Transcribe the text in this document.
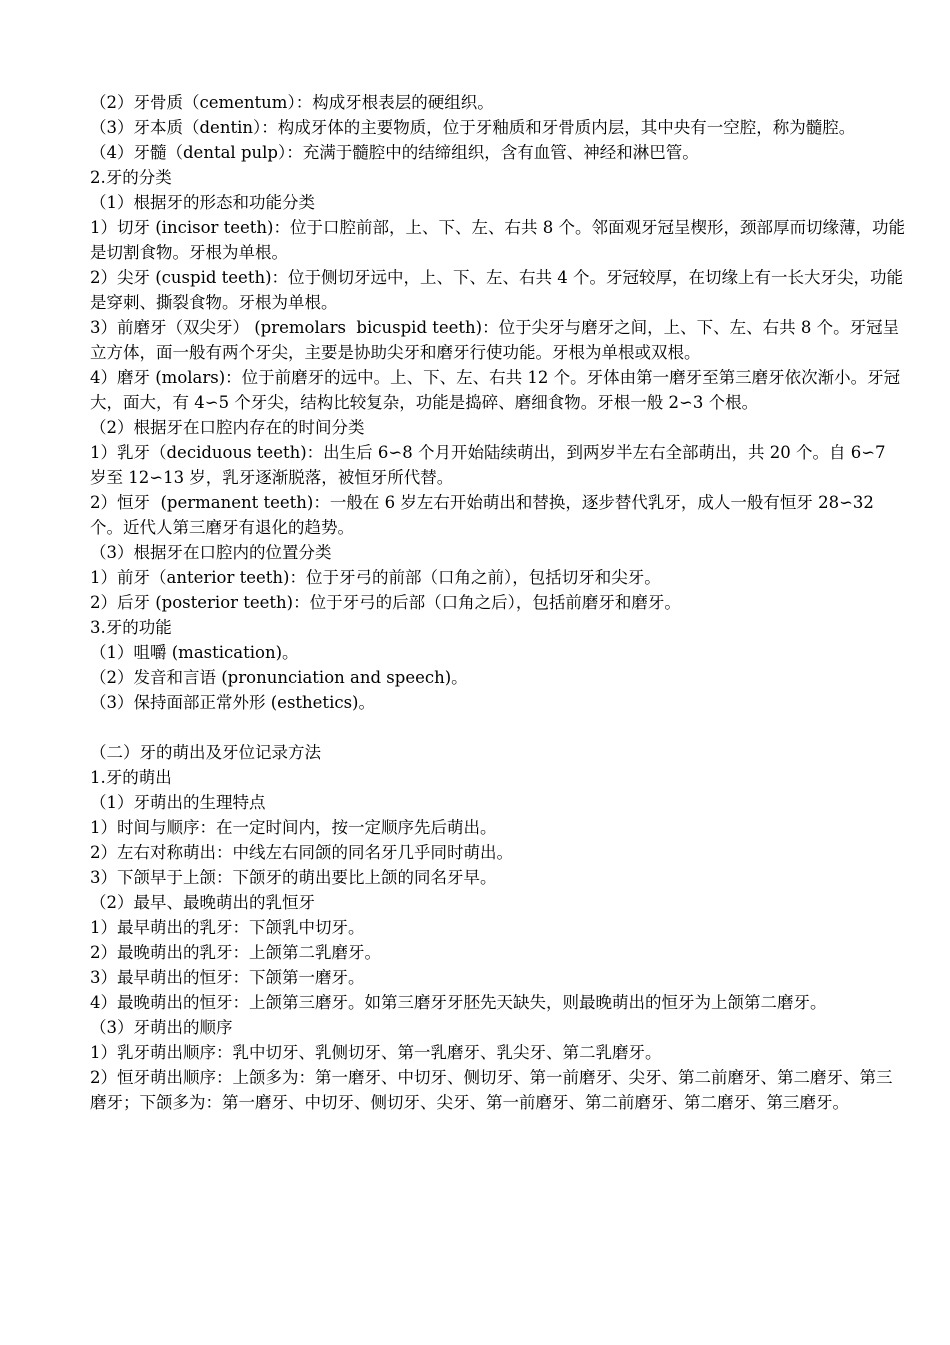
（2）牙骨质（cementum）：构成牙根表层的硬组织。

（3）牙本质（dentin）：构成牙体的主要物质，位于牙釉质和牙骨质内层，其中央有一空腔，称为髓腔。

（4）牙髓（dental pulp）：充满于髓腔中的结缔组织，含有血管、神经和淋巴管。

2.牙的分类

（1）根据牙的形态和功能分类

1）切牙 (incisor teeth)：位于口腔前部，上、下、左、右共 8 个。邻面观牙冠呈楔形，颈部厚而切缘薄，功能是切割食物。牙根为单根。

2）尖牙 (cuspid teeth)：位于侧切牙远中，上、下、左、右共 4 个。牙冠较厚，在切缘上有一长大牙尖，功能是穿刺、撕裂食物。牙根为单根。

3）前磨牙（双尖牙） (premolars  bicuspid teeth)：位于尖牙与磨牙之间，上、下、左、右共 8 个。牙冠呈立方体，面一般有两个牙尖，主要是协助尖牙和磨牙行使功能。牙根为单根或双根。

4）磨牙 (molars)：位于前磨牙的远中。上、下、左、右共 12 个。牙体由第一磨牙至第三磨牙依次渐小。牙冠大，面大，有 4∽5 个牙尖，结构比较复杂，功能是捣碎、磨细食物。牙根一般 2∽3 个根。

（2）根据牙在口腔内存在的时间分类

1）乳牙（deciduous teeth)：出生后 6∽8 个月开始陆续萌出，到两岁半左右全部萌出，共 20 个。自 6∽7 岁至 12∽13 岁，乳牙逐渐脱落，被恒牙所代替。

2）恒牙  (permanent teeth)：一般在 6 岁左右开始萌出和替换，逐步替代乳牙，成人一般有恒牙 28∽32 个。近代人第三磨牙有退化的趋势。

（3）根据牙在口腔内的位置分类

1）前牙（anterior teeth)：位于牙弓的前部（口角之前），包括切牙和尖牙。

2）后牙 (posterior teeth)：位于牙弓的后部（口角之后），包括前磨牙和磨牙。

3.牙的功能

（1）咀嚼 (mastication)。

（2）发音和言语 (pronunciation and speech)。

（3）保持面部正常外形 (esthetics)。

（二）牙的萌出及牙位记录方法

1.牙的萌出

（1）牙萌出的生理特点

1）时间与顺序：在一定时间内，按一定顺序先后萌出。

2）左右对称萌出：中线左右同颌的同名牙几乎同时萌出。

3）下颌早于上颌：下颌牙的萌出要比上颌的同名牙早。

（2）最早、最晚萌出的乳恒牙

1）最早萌出的乳牙：下颌乳中切牙。

2）最晚萌出的乳牙：上颌第二乳磨牙。

3）最早萌出的恒牙：下颌第一磨牙。

4）最晚萌出的恒牙：上颌第三磨牙。如第三磨牙牙胚先天缺失，则最晚萌出的恒牙为上颌第二磨牙。

（3）牙萌出的顺序

1）乳牙萌出顺序：乳中切牙、乳侧切牙、第一乳磨牙、乳尖牙、第二乳磨牙。

2）恒牙萌出顺序：上颌多为：第一磨牙、中切牙、侧切牙、第一前磨牙、尖牙、第二前磨牙、第二磨牙、第三磨牙；下颌多为：第一磨牙、中切牙、侧切牙、尖牙、第一前磨牙、第二前磨牙、第二磨牙、第三磨牙。
